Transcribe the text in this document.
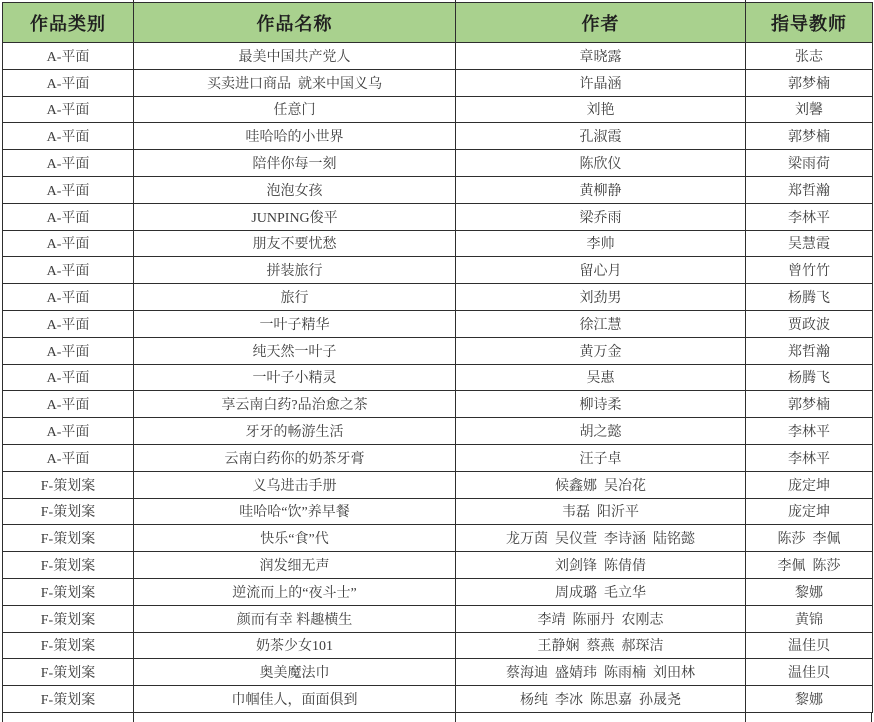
作品类别	作品名称	作者	指导教师
A-平面	最美中国共产党人	章晓露	张志
A-平面	买卖进口商品  就来中国义乌	许晶涵	郭梦楠
A-平面	任意门	刘艳	刘馨
A-平面	哇哈哈的小世界	孔淑霞	郭梦楠
A-平面	陪伴你每一刻	陈欣仪	梁雨荷
A-平面	泡泡女孩	黄柳静	郑哲瀚
A-平面	JUNPING俊平	梁乔雨	李林平
A-平面	朋友不要忧愁	李帅	吴慧霞
A-平面	拼装旅行	留心月	曾竹竹
A-平面	旅行	刘劲男	杨腾飞
A-平面	一叶子精华	徐江慧	贾政波
A-平面	纯天然一叶子	黄万金	郑哲瀚
A-平面	一叶子小精灵	吴惠	杨腾飞
A-平面	享云南白药?品治愈之茶	柳诗柔	郭梦楠
A-平面	牙牙的畅游生活	胡之懿	李林平
A-平面	云南白药你的奶茶牙膏	汪子卓	李林平
F-策划案	义乌进击手册	候鑫娜  吴冶花	庞定坤
F-策划案	哇哈哈“饮”养早餐	韦磊  阳沂平	庞定坤
F-策划案	快乐“食”代	龙万茵  吴仪萱  李诗涵  陆铭懿	陈莎  李佩
F-策划案	润发细无声	刘剑锋  陈倩倩	李佩  陈莎
F-策划案	逆流而上的“夜斗士”	周成璐  毛立华	黎娜
F-策划案	颜而有幸 料趣横生	李靖  陈丽丹  农刚志	黄锦
F-策划案	奶茶少女101	王静娴  蔡燕  郝琛洁	温佳贝
F-策划案	奥美魔法巾	蔡海迪  盛婧玮  陈雨楠  刘田林	温佳贝
F-策划案	巾帼佳人，面面俱到	杨纯  李冰  陈思嘉  孙晟尧	黎娜
